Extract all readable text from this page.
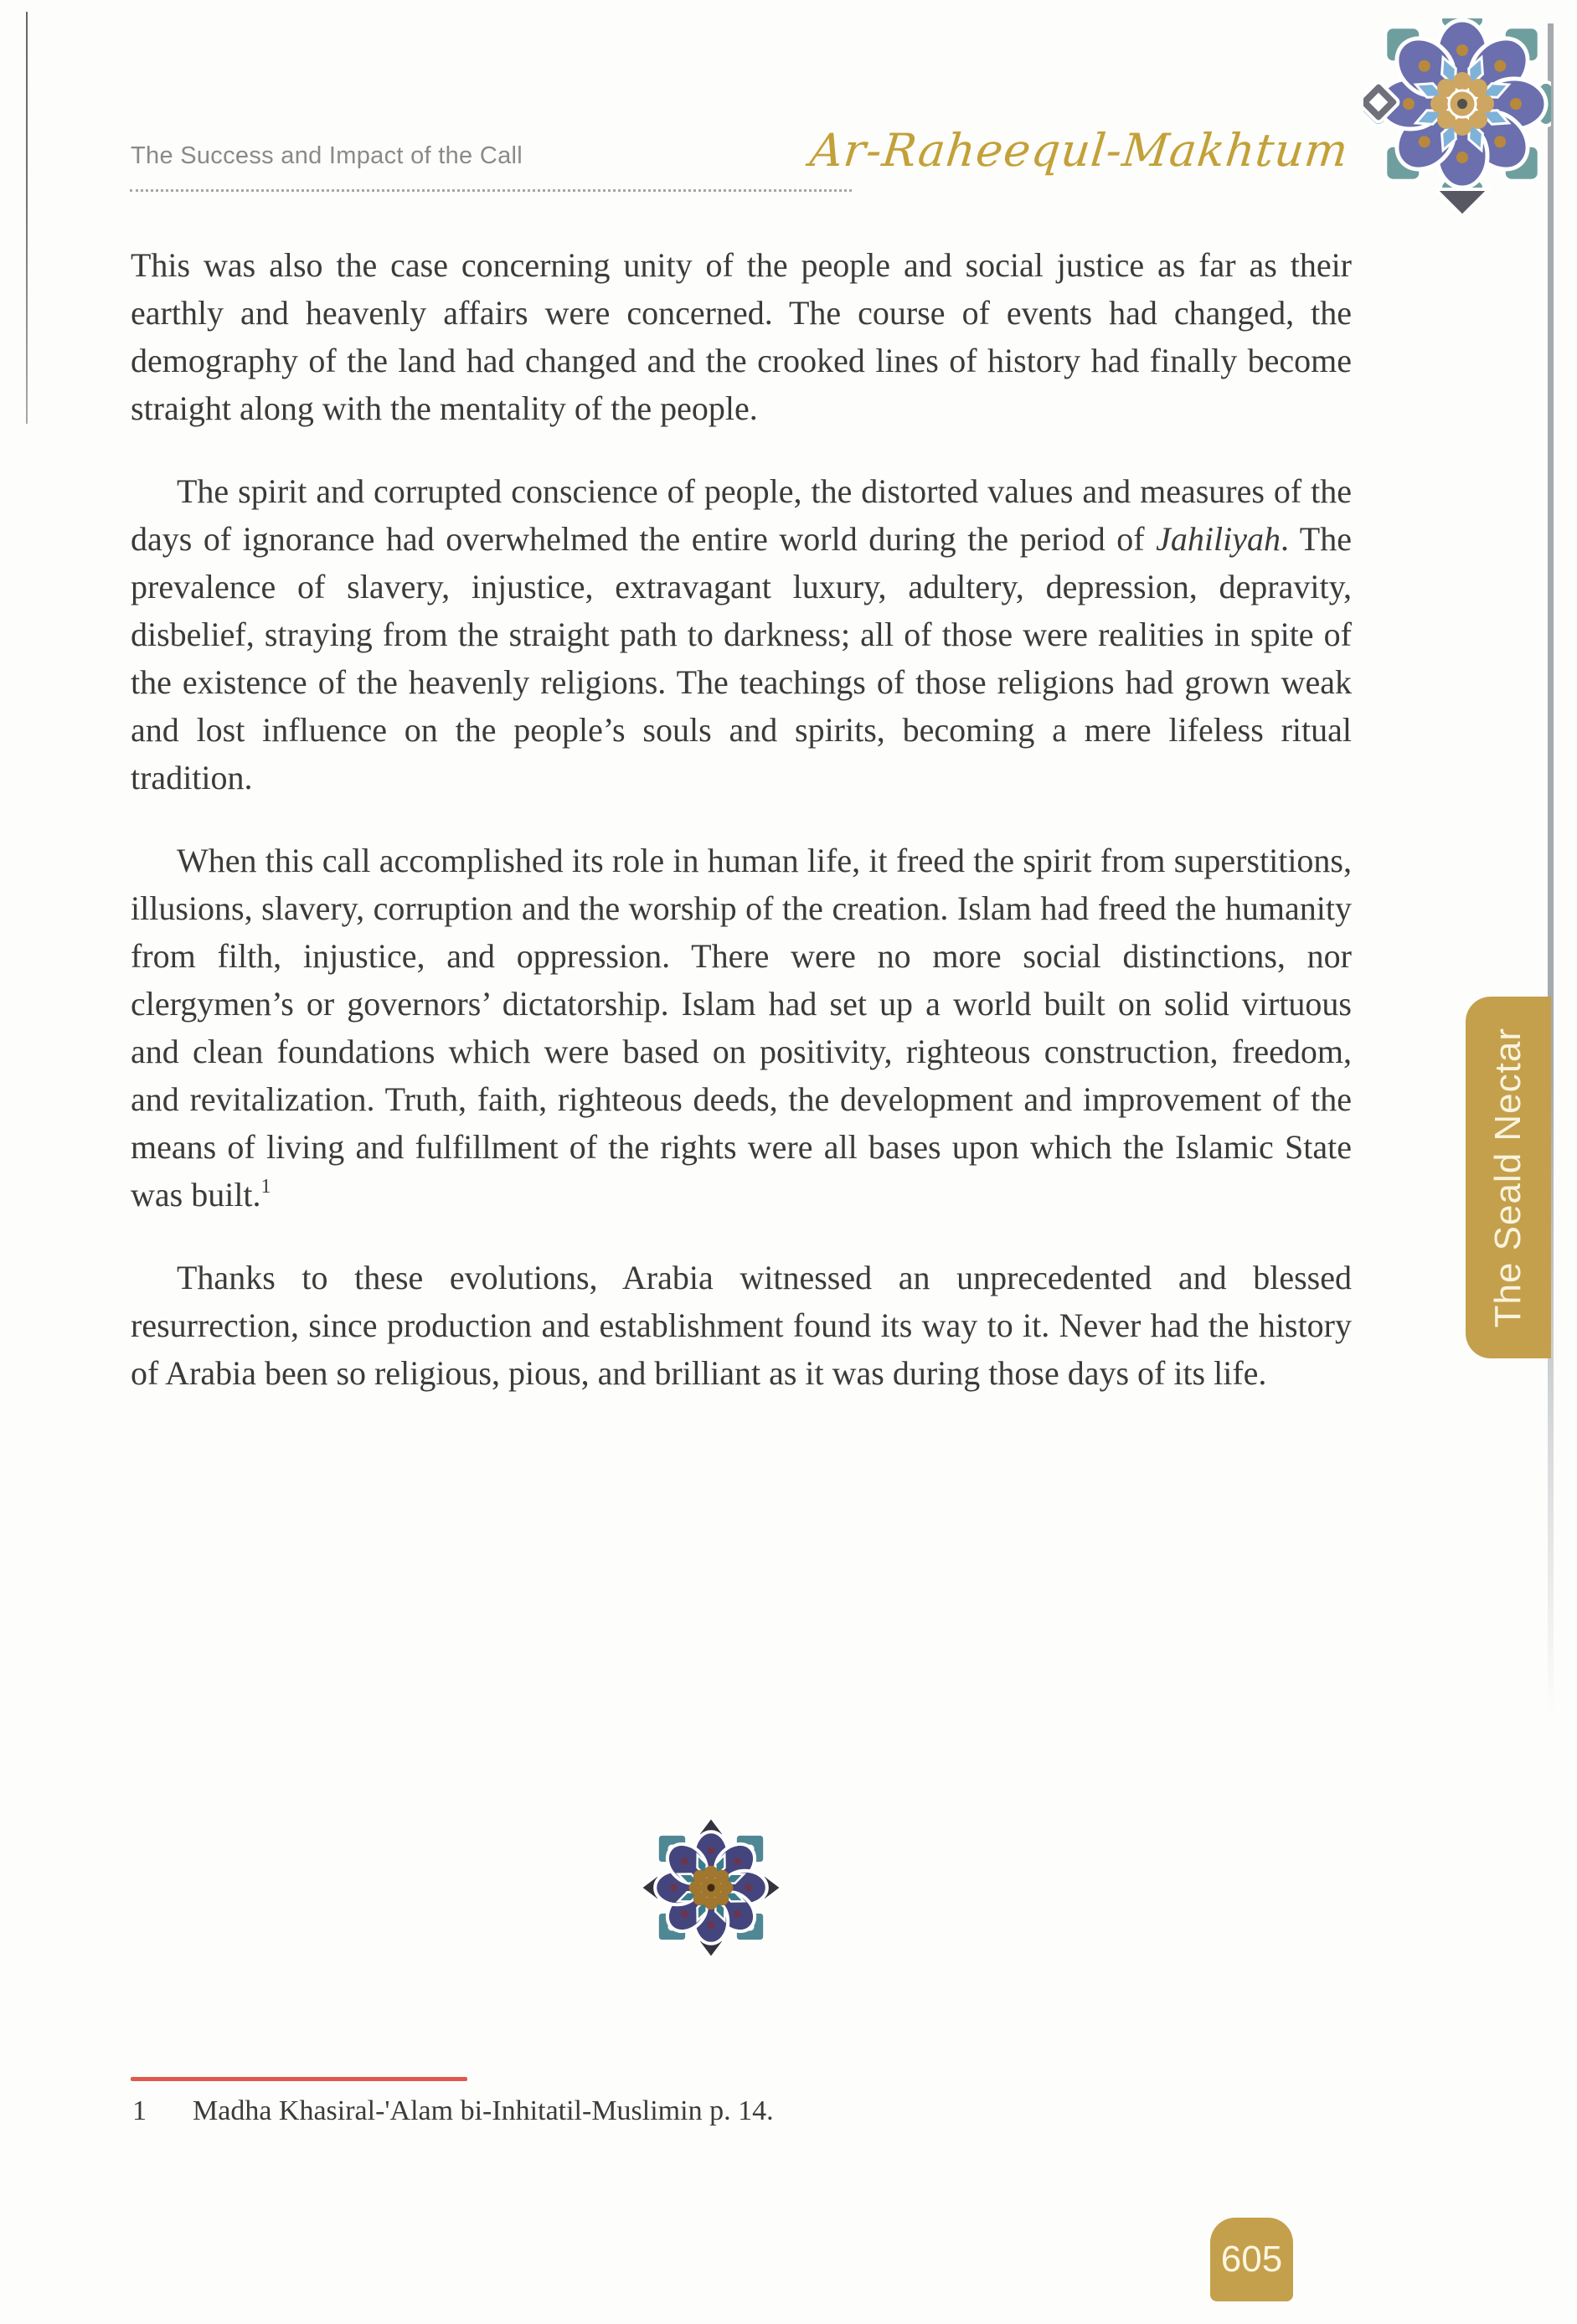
The Success and Impact of the Call	Ar-Raheequl-Makhtum

This was also the case concerning unity of the people and social justice as far as their earthly and heavenly affairs were concerned. The course of events had changed, the demography of the land had changed and the crooked lines of history had finally become straight along with the mentality of the people.

The spirit and corrupted conscience of people, the distorted values and measures of the days of ignorance had overwhelmed the entire world during the period of Jahiliyah. The prevalence of slavery, injustice, extravagant luxury, adultery, depression, depravity, disbelief, straying from the straight path to darkness; all of those were realities in spite of the existence of the heavenly religions. The teachings of those religions had grown weak and lost influence on the people’s souls and spirits, becoming a mere lifeless ritual tradition.

When this call accomplished its role in human life, it freed the spirit from superstitions, illusions, slavery, corruption and the worship of the creation. Islam had freed the humanity from filth, injustice, and oppression. There were no more social distinctions, nor clergymen’s or governors’ dictatorship. Islam had set up a world built on solid virtuous and clean foundations which were based on positivity, righteous construction, freedom, and revitalization. Truth, faith, righteous deeds, the development and improvement of the means of living and fulfillment of the rights were all bases upon which the Islamic State was built.$^1$

Thanks to these evolutions, Arabia witnessed an unprecedented and blessed resurrection, since production and establishment found its way to it. Never had the history of Arabia been so religious, pious, and brilliant as it was during those days of its life.

1 Madha Khasiral-'Alam bi-Inhitatil-Muslimin p. 14.
The Seald Nectar
605
